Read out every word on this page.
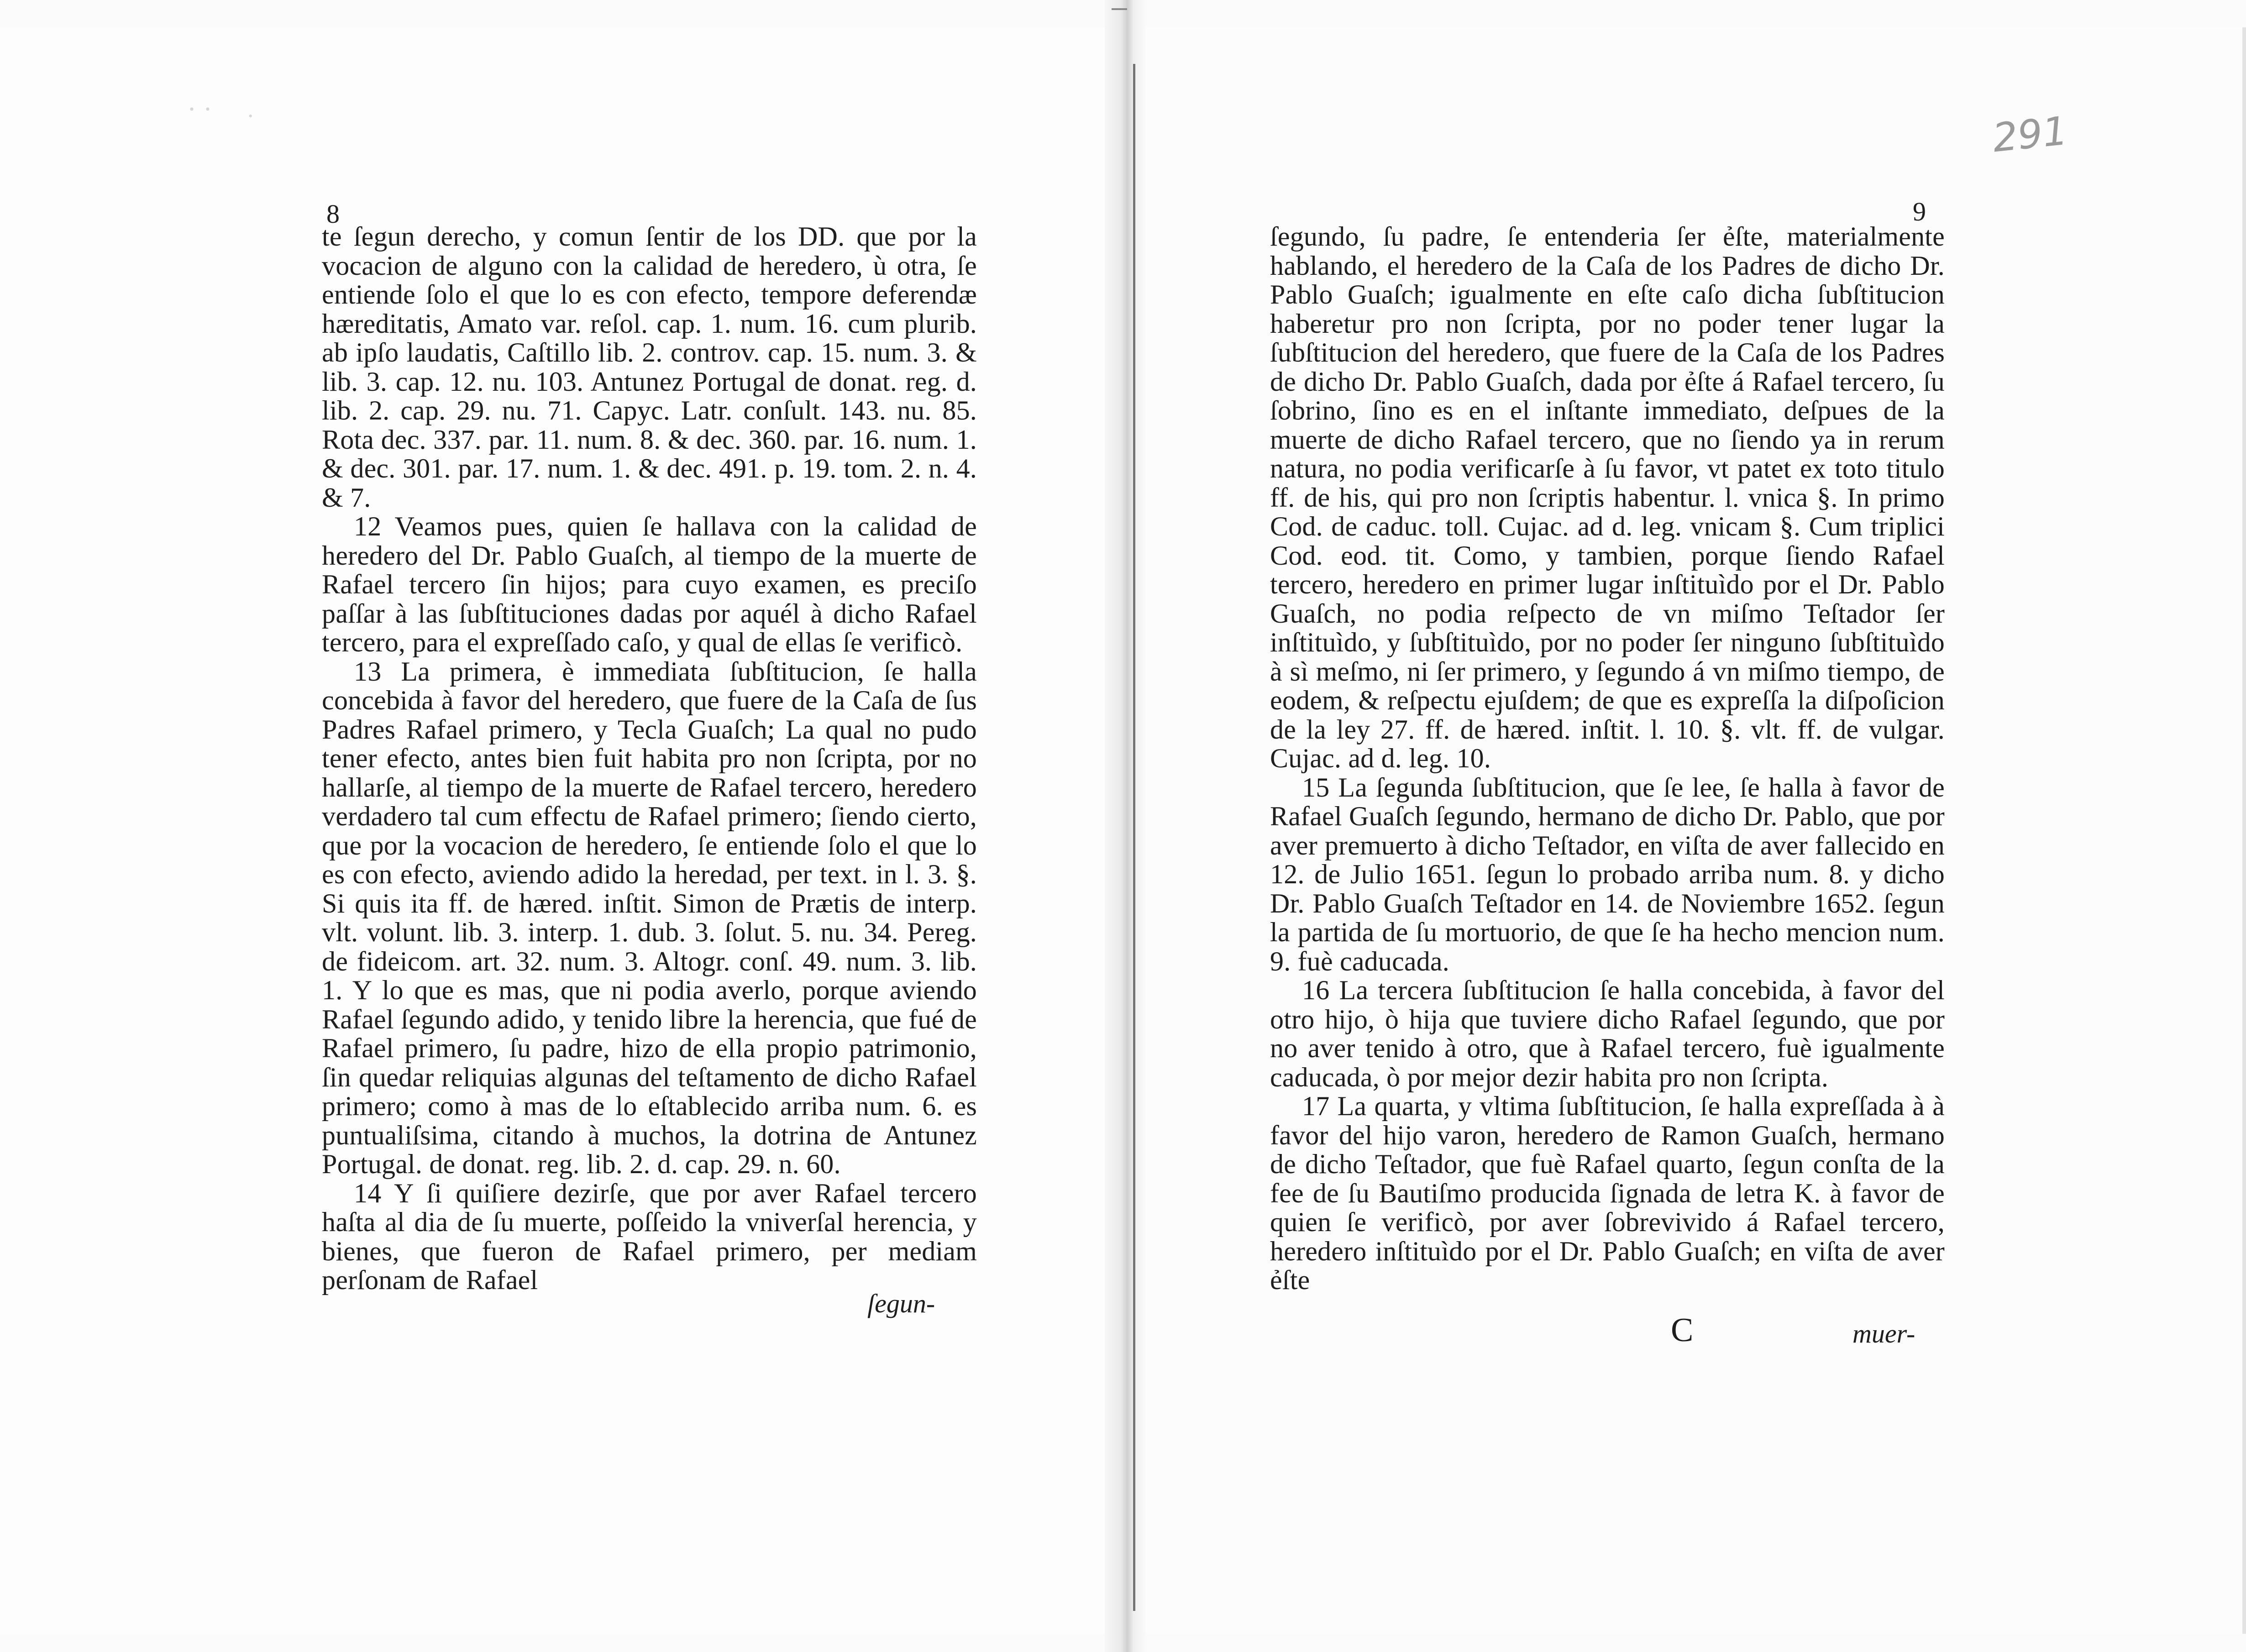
· · ·
8

te ſegun derecho, y comun ſentir de los DD. que por la vocacion de alguno con la calidad de heredero, ù otra, ſe entiende ſolo el que lo es con efecto, tempore deferendæ hæreditatis, Amato var. reſol. cap. 1. num. 16. cum plurib. ab ipſo laudatis, Caſtillo lib. 2. controv. cap. 15. num. 3. & lib. 3. cap. 12. nu. 103. Antunez Portugal de donat. reg. d. lib. 2. cap. 29. nu. 71. Capyc. Latr. conſult. 143. nu. 85. Rota dec. 337. par. 11. num. 8. & dec. 360. par. 16. num. 1. & dec. 301. par. 17. num. 1. & dec. 491. p. 19. tom. 2. n. 4. & 7.

12 Veamos pues, quien ſe hallava con la calidad de heredero del Dr. Pablo Guaſch, al tiempo de la muerte de Rafael tercero ſin hijos; para cuyo examen, es preciſo paſſar à las ſubſtituciones dadas por aquél à dicho Rafael tercero, para el expreſſado caſo, y qual de ellas ſe verificò.

13 La primera, è immediata ſubſtitucion, ſe halla concebida à favor del heredero, que fuere de la Caſa de ſus Padres Rafael primero, y Tecla Guaſch; La qual no pudo tener efecto, antes bien fuit habita pro non ſcripta, por no hallarſe, al tiempo de la muerte de Rafael tercero, heredero verdadero tal cum effectu de Rafael primero; ſiendo cierto, que por la vocacion de heredero, ſe entiende ſolo el que lo es con efecto, aviendo adido la heredad, per text. in l. 3. §. Si quis ita ff. de hæred. inſtit. Simon de Prætis de interp. vlt. volunt. lib. 3. interp. 1. dub. 3. ſolut. 5. nu. 34. Pereg. de fideicom. art. 32. num. 3. Altogr. conſ. 49. num. 3. lib. 1. Y lo que es mas, que ni podia averlo, porque aviendo Rafael ſegundo adido, y tenido libre la herencia, que fué de Rafael primero, ſu padre, hizo de ella propio patrimonio, ſin quedar reliquias algunas del teſtamento de dicho Rafael primero; como à mas de lo eſtablecido arriba num. 6. es puntualiſsima, citando à muchos, la dotrina de Antunez Portugal. de donat. reg. lib. 2. d. cap. 29. n. 60.

14 Y ſi quiſiere dezirſe, que por aver Rafael tercero haſta al dia de ſu muerte, poſſeido la vniverſal herencia, y bienes, que fueron de Rafael primero, per mediam perſonam de Rafael

ſegun-
291
9

ſegundo, ſu padre, ſe entenderia ſer ẻſte, materialmente hablando, el heredero de la Caſa de los Padres de dicho Dr. Pablo Guaſch; igualmente en eſte caſo dicha ſubſtitucion haberetur pro non ſcripta, por no poder tener lugar la ſubſtitucion del heredero, que fuere de la Caſa de los Padres de dicho Dr. Pablo Guaſch, dada por ẻſte á Rafael tercero, ſu ſobrino, ſino es en el inſtante immediato, deſpues de la muerte de dicho Rafael tercero, que no ſiendo ya in rerum natura, no podia verificarſe à ſu favor, vt patet ex toto titulo ff. de his, qui pro non ſcriptis habentur. l. vnica §. In primo Cod. de caduc. toll. Cujac. ad d. leg. vnicam §. Cum triplici Cod. eod. tit. Como, y tambien, porque ſiendo Rafael tercero, heredero en primer lugar inſtituìdo por el Dr. Pablo Guaſch, no podia reſpecto de vn miſmo Teſtador ſer inſtituìdo, y ſubſtituìdo, por no poder ſer ninguno ſubſtituìdo à sì meſmo, ni ſer primero, y ſegundo á vn miſmo tiempo, de eodem, & reſpectu ejuſdem; de que es expreſſa la diſpoſicion de la ley 27. ff. de hæred. inſtit. l. 10. §. vlt. ff. de vulgar. Cujac. ad d. leg. 10.

15 La ſegunda ſubſtitucion, que ſe lee, ſe halla à favor de Rafael Guaſch ſegundo, hermano de dicho Dr. Pablo, que por aver premuerto à dicho Teſtador, en viſta de aver fallecido en 12. de Julio 1651. ſegun lo probado arriba num. 8. y dicho Dr. Pablo Guaſch Teſtador en 14. de Noviembre 1652. ſegun la partida de ſu mortuorio, de que ſe ha hecho mencion num. 9. fuè caducada.

16 La tercera ſubſtitucion ſe halla concebida, à favor del otro hijo, ò hija que tuviere dicho Rafael ſegundo, que por no aver tenido à otro, que à Rafael tercero, fuè igualmente caducada, ò por mejor dezir habita pro non ſcripta.

17 La quarta, y vltima ſubſtitucion, ſe halla expreſſada à à favor del hijo varon, heredero de Ramon Guaſch, hermano de dicho Teſtador, que fuè Rafael quarto, ſegun conſta de la fee de ſu Bautiſmo producida ſignada de letra K. à favor de quien ſe verificò, por aver ſobrevivido á Rafael tercero, heredero inſtituìdo por el Dr. Pablo Guaſch; en viſta de aver ẻſte

C	muer-
